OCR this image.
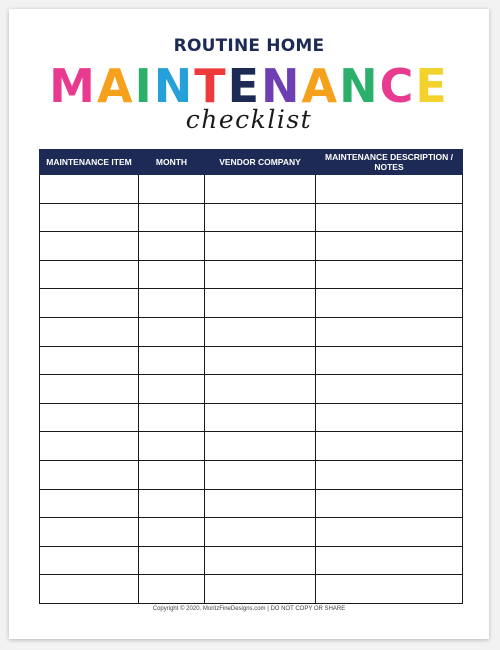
ROUTINE HOME
MAINTENANCE
checklist
MAINTENANCE ITEM	MONTH	VENDOR COMPANY	MAINTENANCE DESCRIPTION / NOTES

Copyright © 2020. MoritzFineDesigns.com | DO NOT COPY OR SHARE
